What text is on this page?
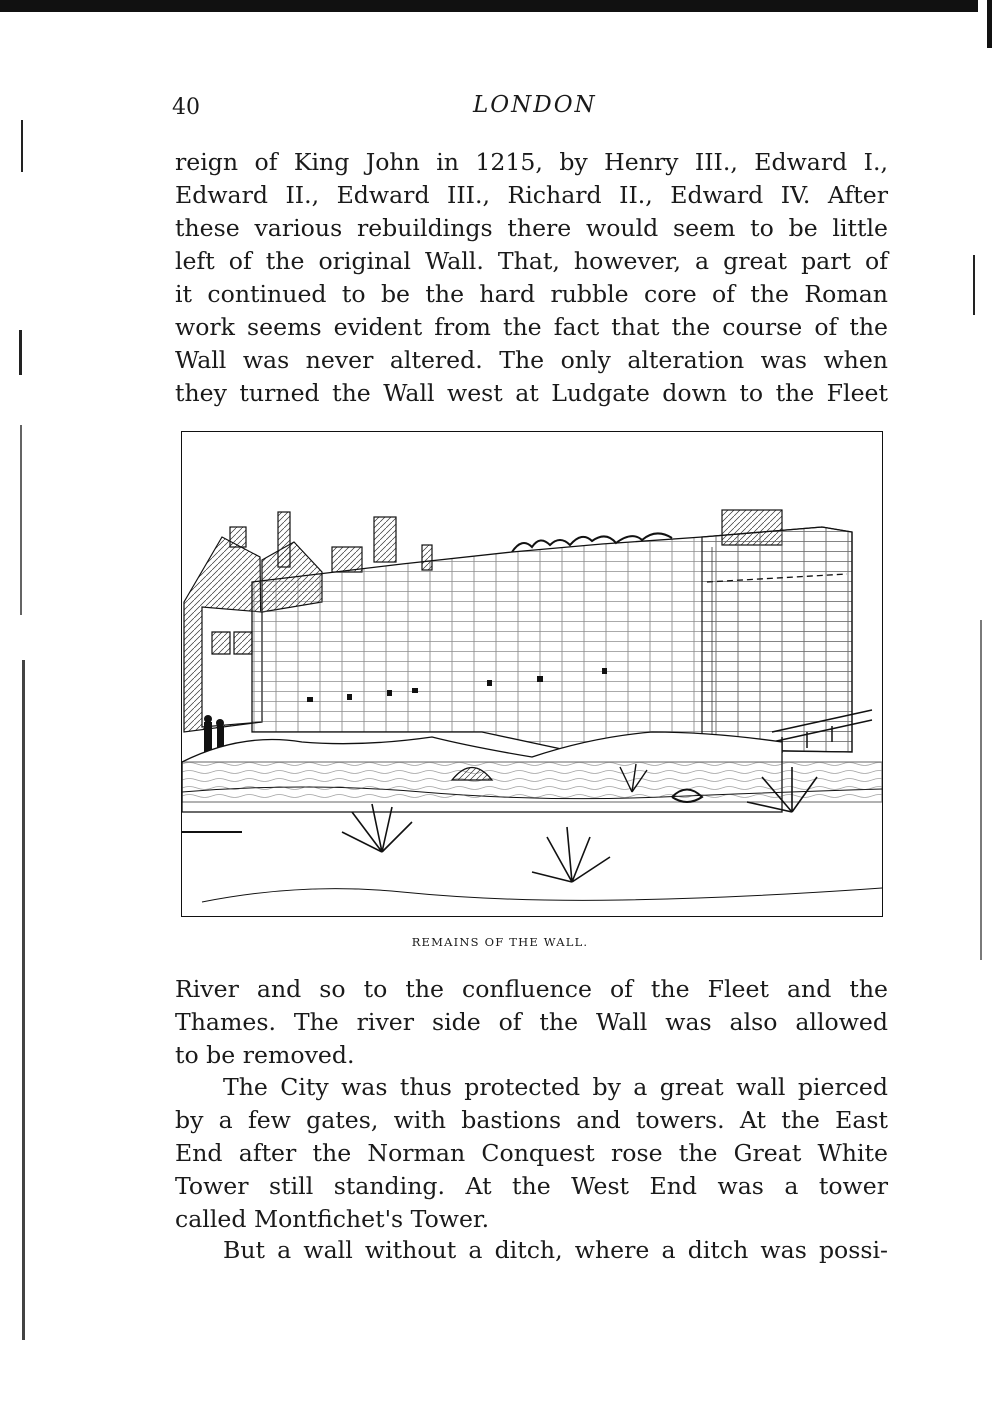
40	LONDON
reign of King John in 1215, by Henry III., Edward I.,
Edward II., Edward III., Richard II., Edward IV. After
these various rebuildings there would seem to be little
left of the original Wall. That, however, a great part of
it continued to be the hard rubble core of the Roman
work seems evident from the fact that the course of the
Wall was never altered. The only alteration was when
they turned the Wall west at Ludgate down to the Fleet
REMAINS OF THE WALL.
River and so to the confluence of the Fleet and the
Thames. The river side of the Wall was also allowed
to be removed.
The City was thus protected by a great wall pierced
by a few gates, with bastions and towers. At the East
End after the Norman Conquest rose the Great White
Tower still standing. At the West End was a tower
called Montfichet's Tower.
But a wall without a ditch, where a ditch was possi-
